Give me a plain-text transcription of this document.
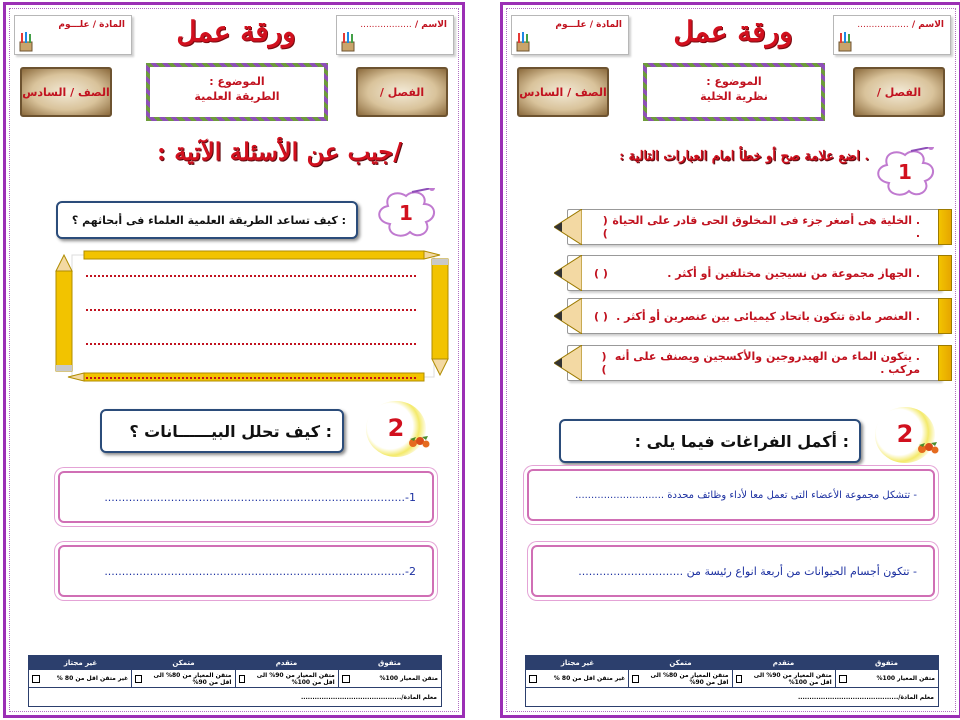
الاسم / ..................
ورقة عمل
المادة / علـــوم
الفصل /
الموضوع :
الطريقة العلمية
الصف / السادس
/جيب عن الأسئلة الآتية :
1
: كيف تساعد الطريقة العلمية العلماء فى أبحاثهم ؟
2
: كيف تحلل البيــــــانات ؟
1-......................................................................................
2-......................................................................................
متفوق
متقدم
متمكن
غير مجتاز
متقن المعيار 100%
متقن المعيار من 90% الى اقل من 100%
متقن المعيار من 80% الى اقل من 90%
غير متقن اقل من 80 %
معلم المادة/............................................
الاسم / ..................
ورقة عمل
المادة / علـــوم
الفصل /
الموضوع :
نظرية الخلية
الصف / السادس
1
. اضع علامة صح أو خطأ امام العبارات التالية :
. الخلية هى أصغر جزء فى المخلوق الحى قادر على الحياة .
( )
. الجهاز مجموعة من نسيجين مختلفين أو أكثر .
( )
. العنصر مادة تتكون باتحاد كيميائى بين عنصرين أو أكثر .
( )
. يتكون الماء من الهيدروجين والأكسجين ويصنف على أنه مركب .
( )
2
: أكمل الفراغات فيما يلى :
- تتشكل مجموعة الأعضاء التى تعمل معا لأداء وظائف محددة ............................
- تتكون أجسام الحيوانات من أربعة انواع رئيسة من ..............................
متفوق
متقدم
متمكن
غير مجتاز
متقن المعيار 100%
متقن المعيار من 90% الى اقل من 100%
متقن المعيار من 80% الى اقل من 90%
غير متقن اقل من 80 %
معلم المادة/............................................
